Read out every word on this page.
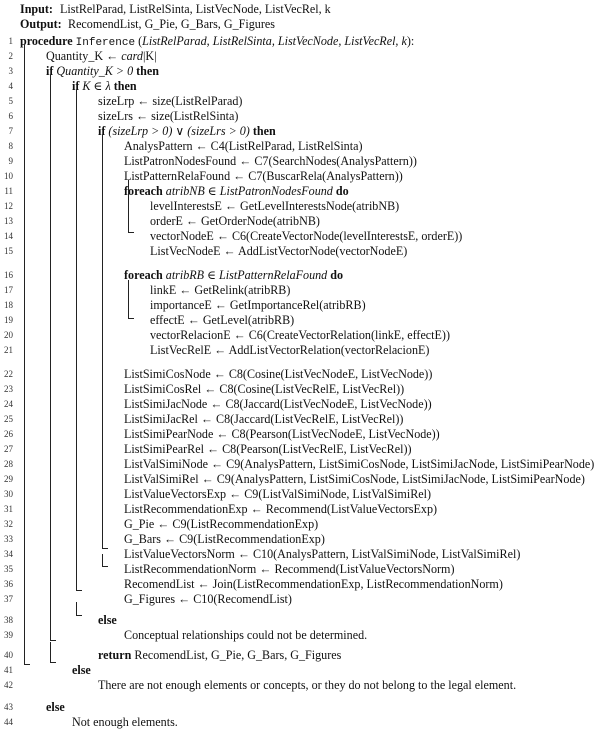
Input: ListRelParad, ListRelSinta, ListVecNode, ListVecRel, k
Output: RecomendList, G_Pie, G_Bars, G_Figures
1 procedure Inference (ListRelParad, ListRelSinta, ListVecNode, ListVecRel, k):
2	Quantity_K ← card|K|
3	if Quantity_K > 0 then
4	if K ∈ λ then
5	sizeLrp ← size(ListRelParad)
6	sizeLrs ← size(ListRelSinta)
7	if (sizeLrp > 0) ∨ (sizeLrs > 0) then
8	AnalysPattern ← C4(ListRelParad, ListRelSinta)
9	ListPatronNodesFound ← C7(SearchNodes(AnalysPattern))
10	ListPatternRelaFound ← C7(BuscarRela(AnalysPattern))
11	foreach atribNB ∈ ListPatronNodesFound do
12	levelInterestsE ← GetLevelInterestsNode(atribNB)
13	orderE ← GetOrderNode(atribNB)
14	vectorNodeE ← C6(CreateVectorNode(levelInterestsE, orderE))
15	ListVecNodeE ← AddListVectorNode(vectorNodeE)
16	foreach atribRB ∈ ListPatternRelaFound do
17	linkE ← GetRelink(atribRB)
18	importanceE ← GetImportanceRel(atribRB)
19	effectE ← GetLevel(atribRB)
20	vectorRelacionE ← C6(CreateVectorRelation(linkE, effectE))
21	ListVecRelE ← AddListVectorRelation(vectorRelacionE)
22	ListSimiCosNode ← C8(Cosine(ListVecNodeE, ListVecNode))
23	ListSimiCosRel ← C8(Cosine(ListVecRelE, ListVecRel))
24	ListSimiJacNode ← C8(Jaccard(ListVecNodeE, ListVecNode))
25	ListSimiJacRel ← C8(Jaccard(ListVecRelE, ListVecRel))
26	ListSimiPearNode ← C8(Pearson(ListVecNodeE, ListVecNode))
27	ListSimiPearRel ← C8(Pearson(ListVecRelE, ListVecRel))
28	ListValSimiNode ← C9(AnalysPattern, ListSimiCosNode, ListSimiJacNode, ListSimiPearNode)
29	ListValSimiRel ← C9(AnalysPattern, ListSimiCosNode, ListSimiJacNode, ListSimiPearNode)
30	ListValueVectorsExp ← C9(ListValSimiNode, ListValSimiRel)
31	ListRecommendationExp ← Recommend(ListValueVectorsExp)
32	G_Pie ← C9(ListRecommendationExp)
33	G_Bars ← C9(ListRecommendationExp)
34	ListValueVectorsNorm ← C10(AnalysPattern, ListValSimiNode, ListValSimiRel)
35	ListRecommendationNorm ← Recommend(ListValueVectorsNorm)
36	RecomendList ← Join(ListRecommendationExp, ListRecommendationNorm)
37	G_Figures ← C10(RecomendList)
38	else
39	Conceptual relationships could not be determined.
40	return RecomendList, G_Pie, G_Bars, G_Figures
41	else
42	There are not enough elements or concepts, or they do not belong to the legal element.
43	else
44	Not enough elements.
